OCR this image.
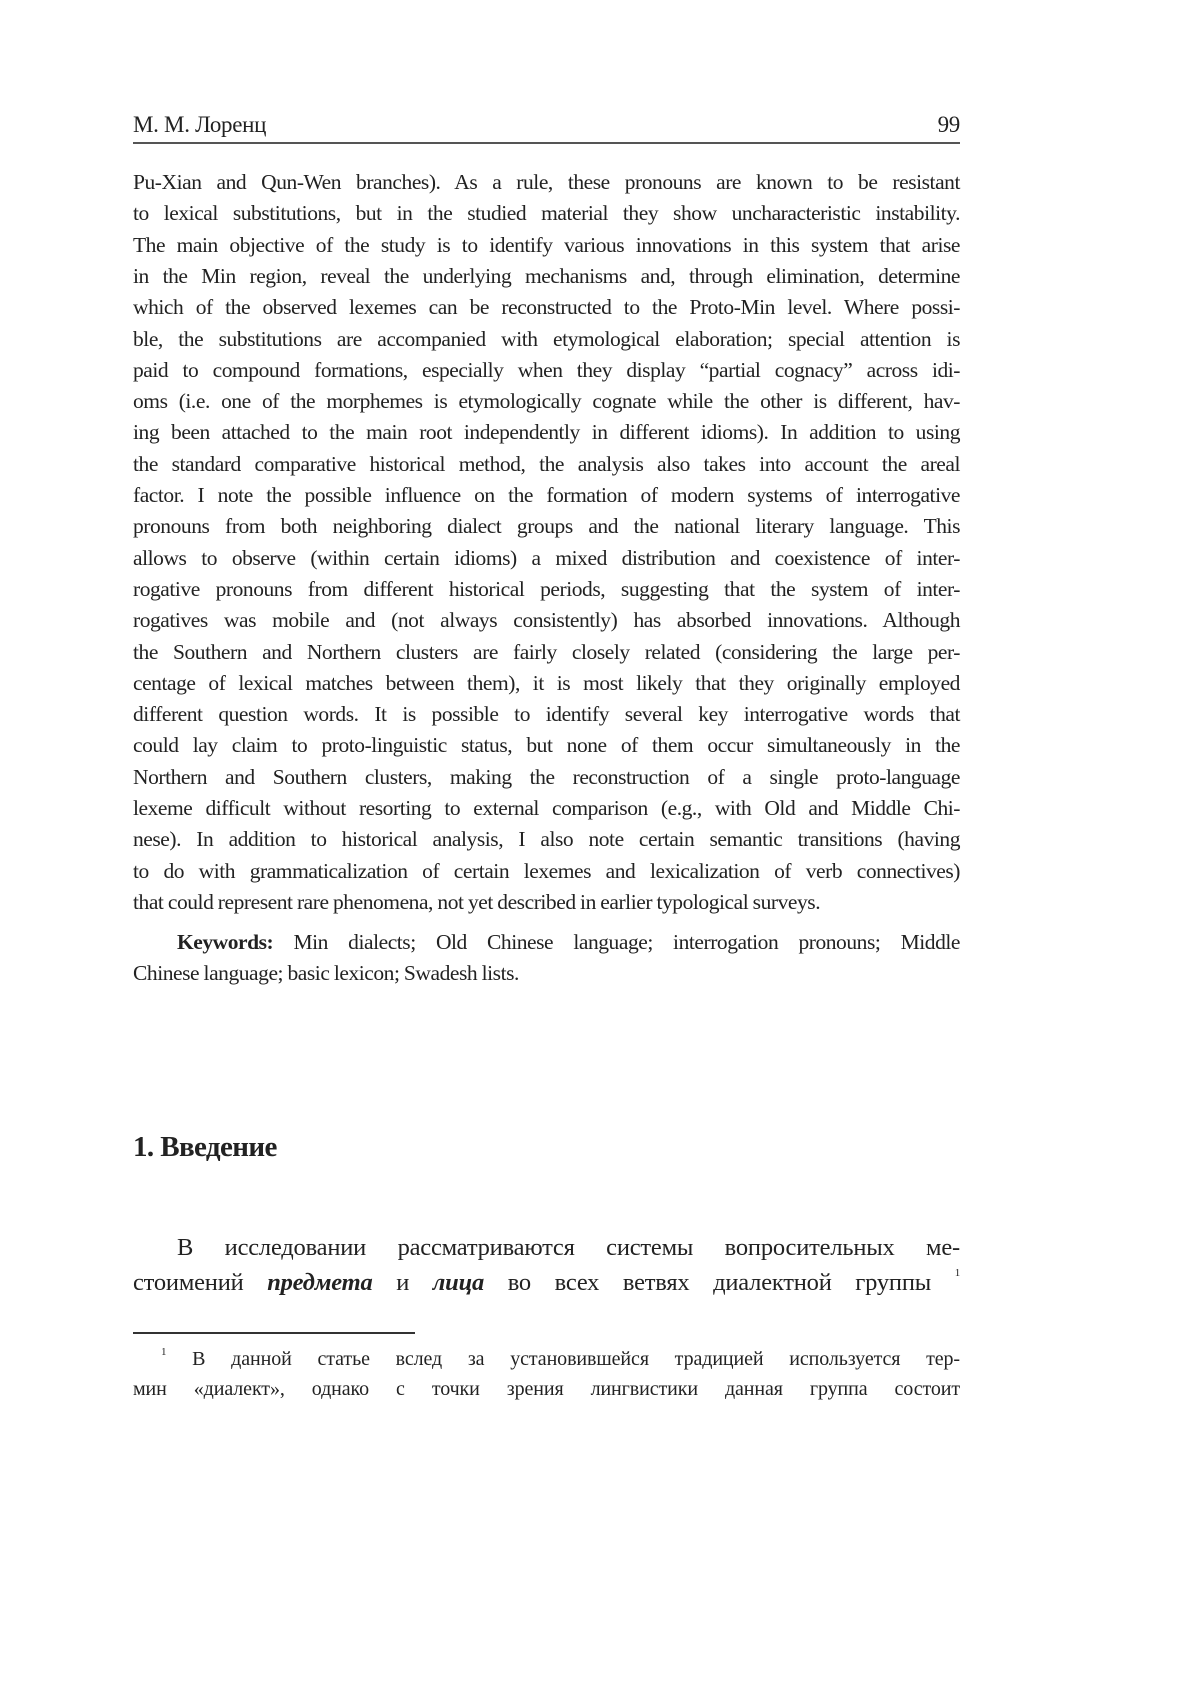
М. М. Лоренц	99
Pu-Xian and Qun-Wen branches). As a rule, these pronouns are known to be resistant
to lexical substitutions, but in the studied material they show uncharacteristic instability.
The main objective of the study is to identify various innovations in this system that arise
in the Min region, reveal the underlying mechanisms and, through elimination, determine
which of the observed lexemes can be reconstructed to the Proto-Min level. Where possi-
ble, the substitutions are accompanied with etymological elaboration; special attention is
paid to compound formations, especially when they display “partial cognacy” across idi-
oms (i.e. one of the morphemes is etymologically cognate while the other is different, hav-
ing been attached to the main root independently in different idioms). In addition to using
the standard comparative historical method, the analysis also takes into account the areal
factor. I note the possible influence on the formation of modern systems of interrogative
pronouns from both neighboring dialect groups and the national literary language. This
allows to observe (within certain idioms) a mixed distribution and coexistence of inter-
rogative pronouns from different historical periods, suggesting that the system of inter-
rogatives was mobile and (not always consistently) has absorbed innovations. Although
the Southern and Northern clusters are fairly closely related (considering the large per-
centage of lexical matches between them), it is most likely that they originally employed
different question words. It is possible to identify several key interrogative words that
could lay claim to proto-linguistic status, but none of them occur simultaneously in the
Northern and Southern clusters, making the reconstruction of a single proto-language
lexeme difficult without resorting to external comparison (e.g., with Old and Middle Chi-
nese). In addition to historical analysis, I also note certain semantic transitions (having
to do with grammaticalization of certain lexemes and lexicalization of verb connectives)
that could represent rare phenomena, not yet described in earlier typological surveys.
Keywords: Min dialects; Old Chinese language; interrogation pronouns; Middle
Chinese language; basic lexicon; Swadesh lists.
1. Введение
В исследовании рассматриваются системы вопросительных ме-
стоимений предмета и лица во всех ветвях диалектной группы 1
1 В данной статье вслед за установившейся традицией используется тер-
мин «диалект», однако с точки зрения лингвистики данная группа состоит
